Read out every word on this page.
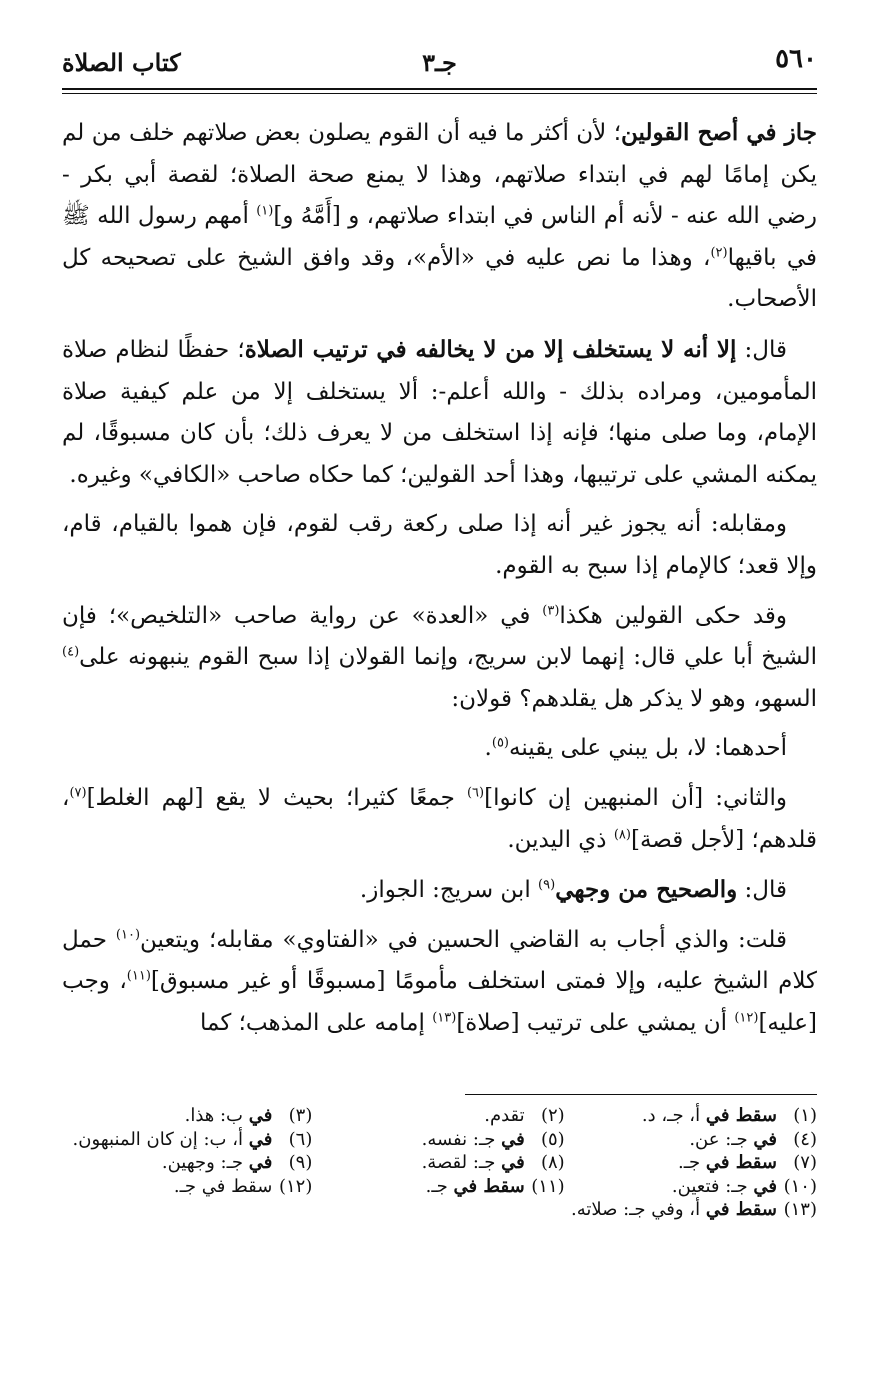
٥٦٠
جـ٣
كتاب الصلاة

جاز في أصح القولين؛ لأن أكثر ما فيه أن القوم يصلون بعض صلاتهم خلف من لم يكن إمامًا لهم في ابتداء صلاتهم، وهذا لا يمنع صحة الصلاة؛ لقصة أبي بكر - رضي الله عنه - لأنه أم الناس في ابتداء صلاتهم، و [أَمَّهُ و]$^{(١)}$ أمهم رسول الله ﷺ في باقيها$^{(٢)}$، وهذا ما نص عليه في «الأم»، وقد وافق الشيخ على تصحيحه كل الأصحاب.

قال: إلا أنه لا يستخلف إلا من لا يخالفه في ترتيب الصلاة؛ حفظًا لنظام صلاة المأمومين، ومراده بذلك - والله أعلم-: ألا يستخلف إلا من علم كيفية صلاة الإمام، وما صلى منها؛ فإنه إذا استخلف من لا يعرف ذلك؛ بأن كان مسبوقًا، لم يمكنه المشي على ترتيبها، وهذا أحد القولين؛ كما حكاه صاحب «الكافي» وغيره.

ومقابله: أنه يجوز غير أنه إذا صلى ركعة رقب لقوم، فإن هموا بالقيام، قام، وإلا قعد؛ كالإمام إذا سبح به القوم.

وقد حكى القولين هكذا$^{(٣)}$ في «العدة» عن رواية صاحب «التلخيص»؛ فإن الشيخ أبا علي قال: إنهما لابن سريج، وإنما القولان إذا سبح القوم ينبهونه على$^{(٤)}$ السهو، وهو لا يذكر هل يقلدهم؟ قولان:

أحدهما: لا، بل يبني على يقينه$^{(٥)}$.

والثاني: [أن المنبهين إن كانوا]$^{(٦)}$ جمعًا كثيرا؛ بحيث لا يقع [لهم الغلط]$^{(٧)}$، قلدهم؛ [لأجل قصة]$^{(٨)}$ ذي اليدين.

قال: والصحيح من وجهي$^{(٩)}$ ابن سريج: الجواز.

قلت: والذي أجاب به القاضي الحسين في «الفتاوي» مقابله؛ ويتعين$^{(١٠)}$ حمل كلام الشيخ عليه، وإلا فمتى استخلف مأمومًا [مسبوقًا أو غير مسبوق]$^{(١١)}$، وجب [عليه]$^{(١٢)}$ أن يمشي على ترتيب [صلاة]$^{(١٣)}$ إمامه على المذهب؛ كما

(١)سقط في أ، جـ، د.
(٢)تقدم.
(٣)في ب: هذا.
(٤)في جـ: عن.
(٥)في جـ: نفسه.
(٦)في أ، ب: إن كان المنبهون.
(٧)سقط في جـ.
(٨)في جـ: لقصة.
(٩)في جـ: وجهين.
(١٠)في جـ: فتعين.
(١١)سقط في جـ.
(١٢)سقط في جـ.
(١٣)سقط في أ، وفي جـ: صلاته.
